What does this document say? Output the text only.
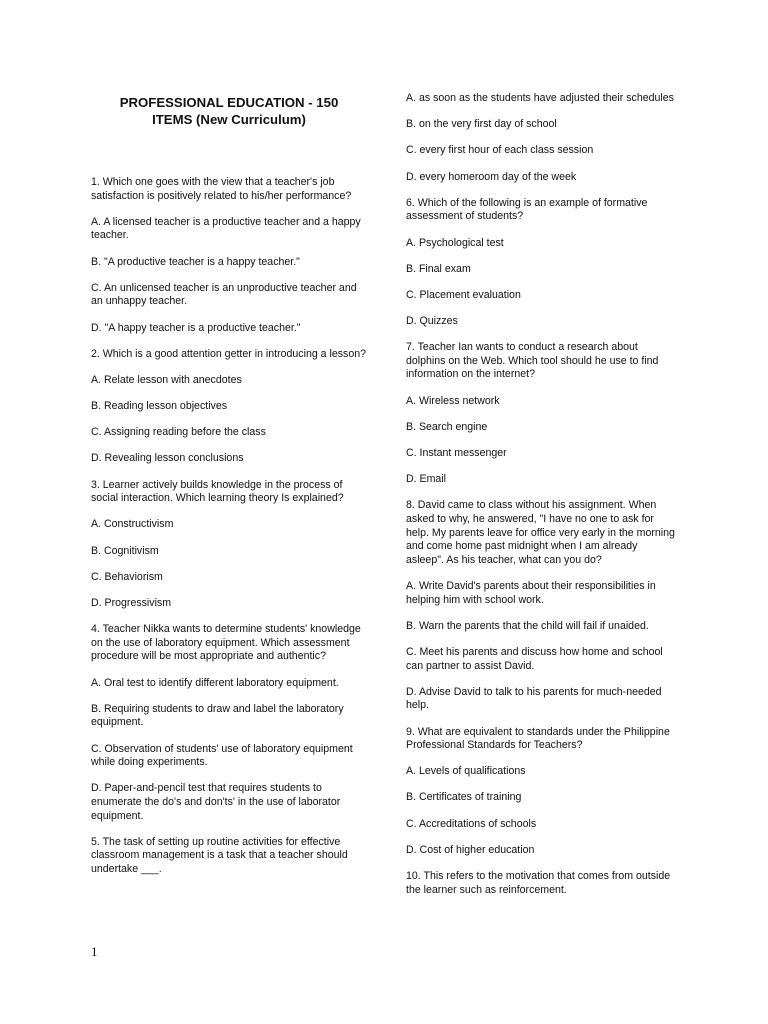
PROFESSIONAL EDUCATION - 150
ITEMS (New Curriculum)
1. Which one goes with the view that a teacher's job satisfaction is positively related to his/her performance?
A. A licensed teacher is a productive teacher and a happy teacher.
B. "A productive teacher is a happy teacher."
C. An unlicensed teacher is an unproductive teacher and an unhappy teacher.
D. "A happy teacher is a productive teacher."
2. Which is a good attention getter in introducing a lesson?
A. Relate lesson with anecdotes
B. Reading lesson objectives
C. Assigning reading before the class
D. Revealing lesson conclusions
3. Learner actively builds knowledge in the process of social interaction. Which learning theory Is explained?
A. Constructivism
B. Cognitivism
C. Behaviorism
D. Progressivism
4. Teacher Nikka wants to determine students' knowledge on the use of laboratory equipment. Which assessment procedure will be most appropriate and authentic?
A. Oral test to identify different laboratory equipment.
B. Requiring students to draw and label the laboratory equipment.
C. Observation of students' use of laboratory equipment while doing experiments.
D. Paper-and-pencil test that requires students to enumerate the do's and don'ts' in the use of laborator equipment.
5. The task of setting up routine activities for effective classroom management is a task that a teacher should undertake ___.
A. as soon as the students have adjusted their schedules
B. on the very first day of school
C. every first hour of each class session
D. every homeroom day of the week
6. Which of the following is an example of formative assessment of students?
A. Psychological test
B. Final exam
C. Placement evaluation
D. Quizzes
7. Teacher Ian wants to conduct a research about dolphins on the Web. Which tool should he use to find information on the internet?
A. Wireless network
B. Search engine
C. Instant messenger
D. Email
8. David came to class without his assignment. When asked to why, he answered, "I have no one to ask for help. My parents leave for office very early in the morning and come home past midnight when I am already asleep". As his teacher, what can you do?
A. Write David's parents about their responsibilities in helping him with school work.
B. Warn the parents that the child will fail if unaided.
C. Meet his parents and discuss how home and school can partner to assist David.
D. Advise David to talk to his parents for much-needed help.
9. What are equivalent to standards under the Philippine Professional Standards for Teachers?
A. Levels of qualifications
B. Certificates of training
C. Accreditations of schools
D. Cost of higher education
10. This refers to the motivation that comes from outside the learner such as reinforcement.
1
